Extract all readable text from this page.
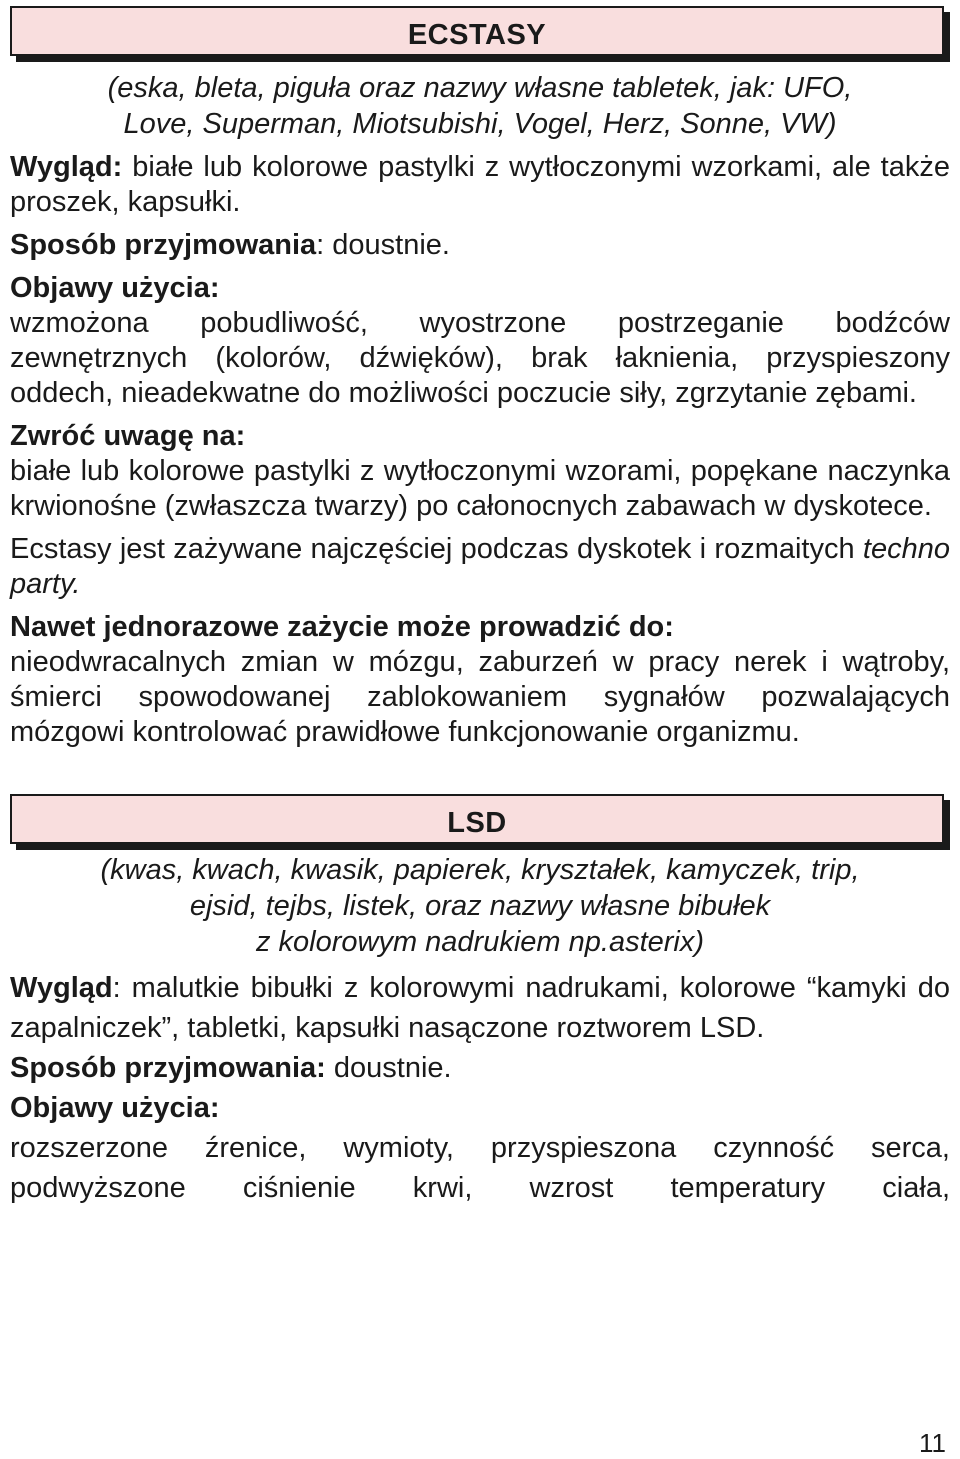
ECSTASY
(eska, bleta, piguła oraz nazwy własne tabletek, jak: UFO,
Love, Superman, Miotsubishi, Vogel, Herz, Sonne, VW)

Wygląd: białe lub kolorowe pastylki z wytłoczonymi wzorkami, ale także proszek, kapsułki.

Sposób przyjmowania: doustnie.

Objawy użycia:

wzmożona pobudliwość, wyostrzone postrzeganie bodźców zewnętrznych (kolorów, dźwięków), brak łaknienia, przyspieszony oddech, nieadekwatne do możliwości poczucie siły, zgrzytanie zębami.

Zwróć uwagę na:

białe lub kolorowe pastylki z wytłoczonymi wzorami, popękane naczynka krwionośne (zwłaszcza twarzy) po całonocnych zabawach w dyskotece.

Ecstasy jest zażywane najczęściej podczas dyskotek i rozmaitych techno party.

Nawet jednorazowe zażycie może prowadzić do:

nieodwracalnych zmian w mózgu, zaburzeń w pracy nerek i wątroby, śmierci spowodowanej zablokowaniem sygnałów pozwalających mózgowi kontrolować prawidłowe funkcjonowanie organizmu.

LSD
(kwas, kwach, kwasik, papierek, kryształek, kamyczek, trip,
ejsid, tejbs, listek, oraz nazwy własne bibułek
z kolorowym nadrukiem np.asterix)

Wygląd: malutkie bibułki z kolorowymi nadrukami, kolorowe “kamyki do zapalniczek”, tabletki, kapsułki nasączone roztworem LSD.

Sposób przyjmowania: doustnie.

Objawy użycia:

rozszerzone źrenice, wymioty, przyspieszona czynność serca, podwyższone ciśnienie krwi, wzrost temperatury ciała,

11
